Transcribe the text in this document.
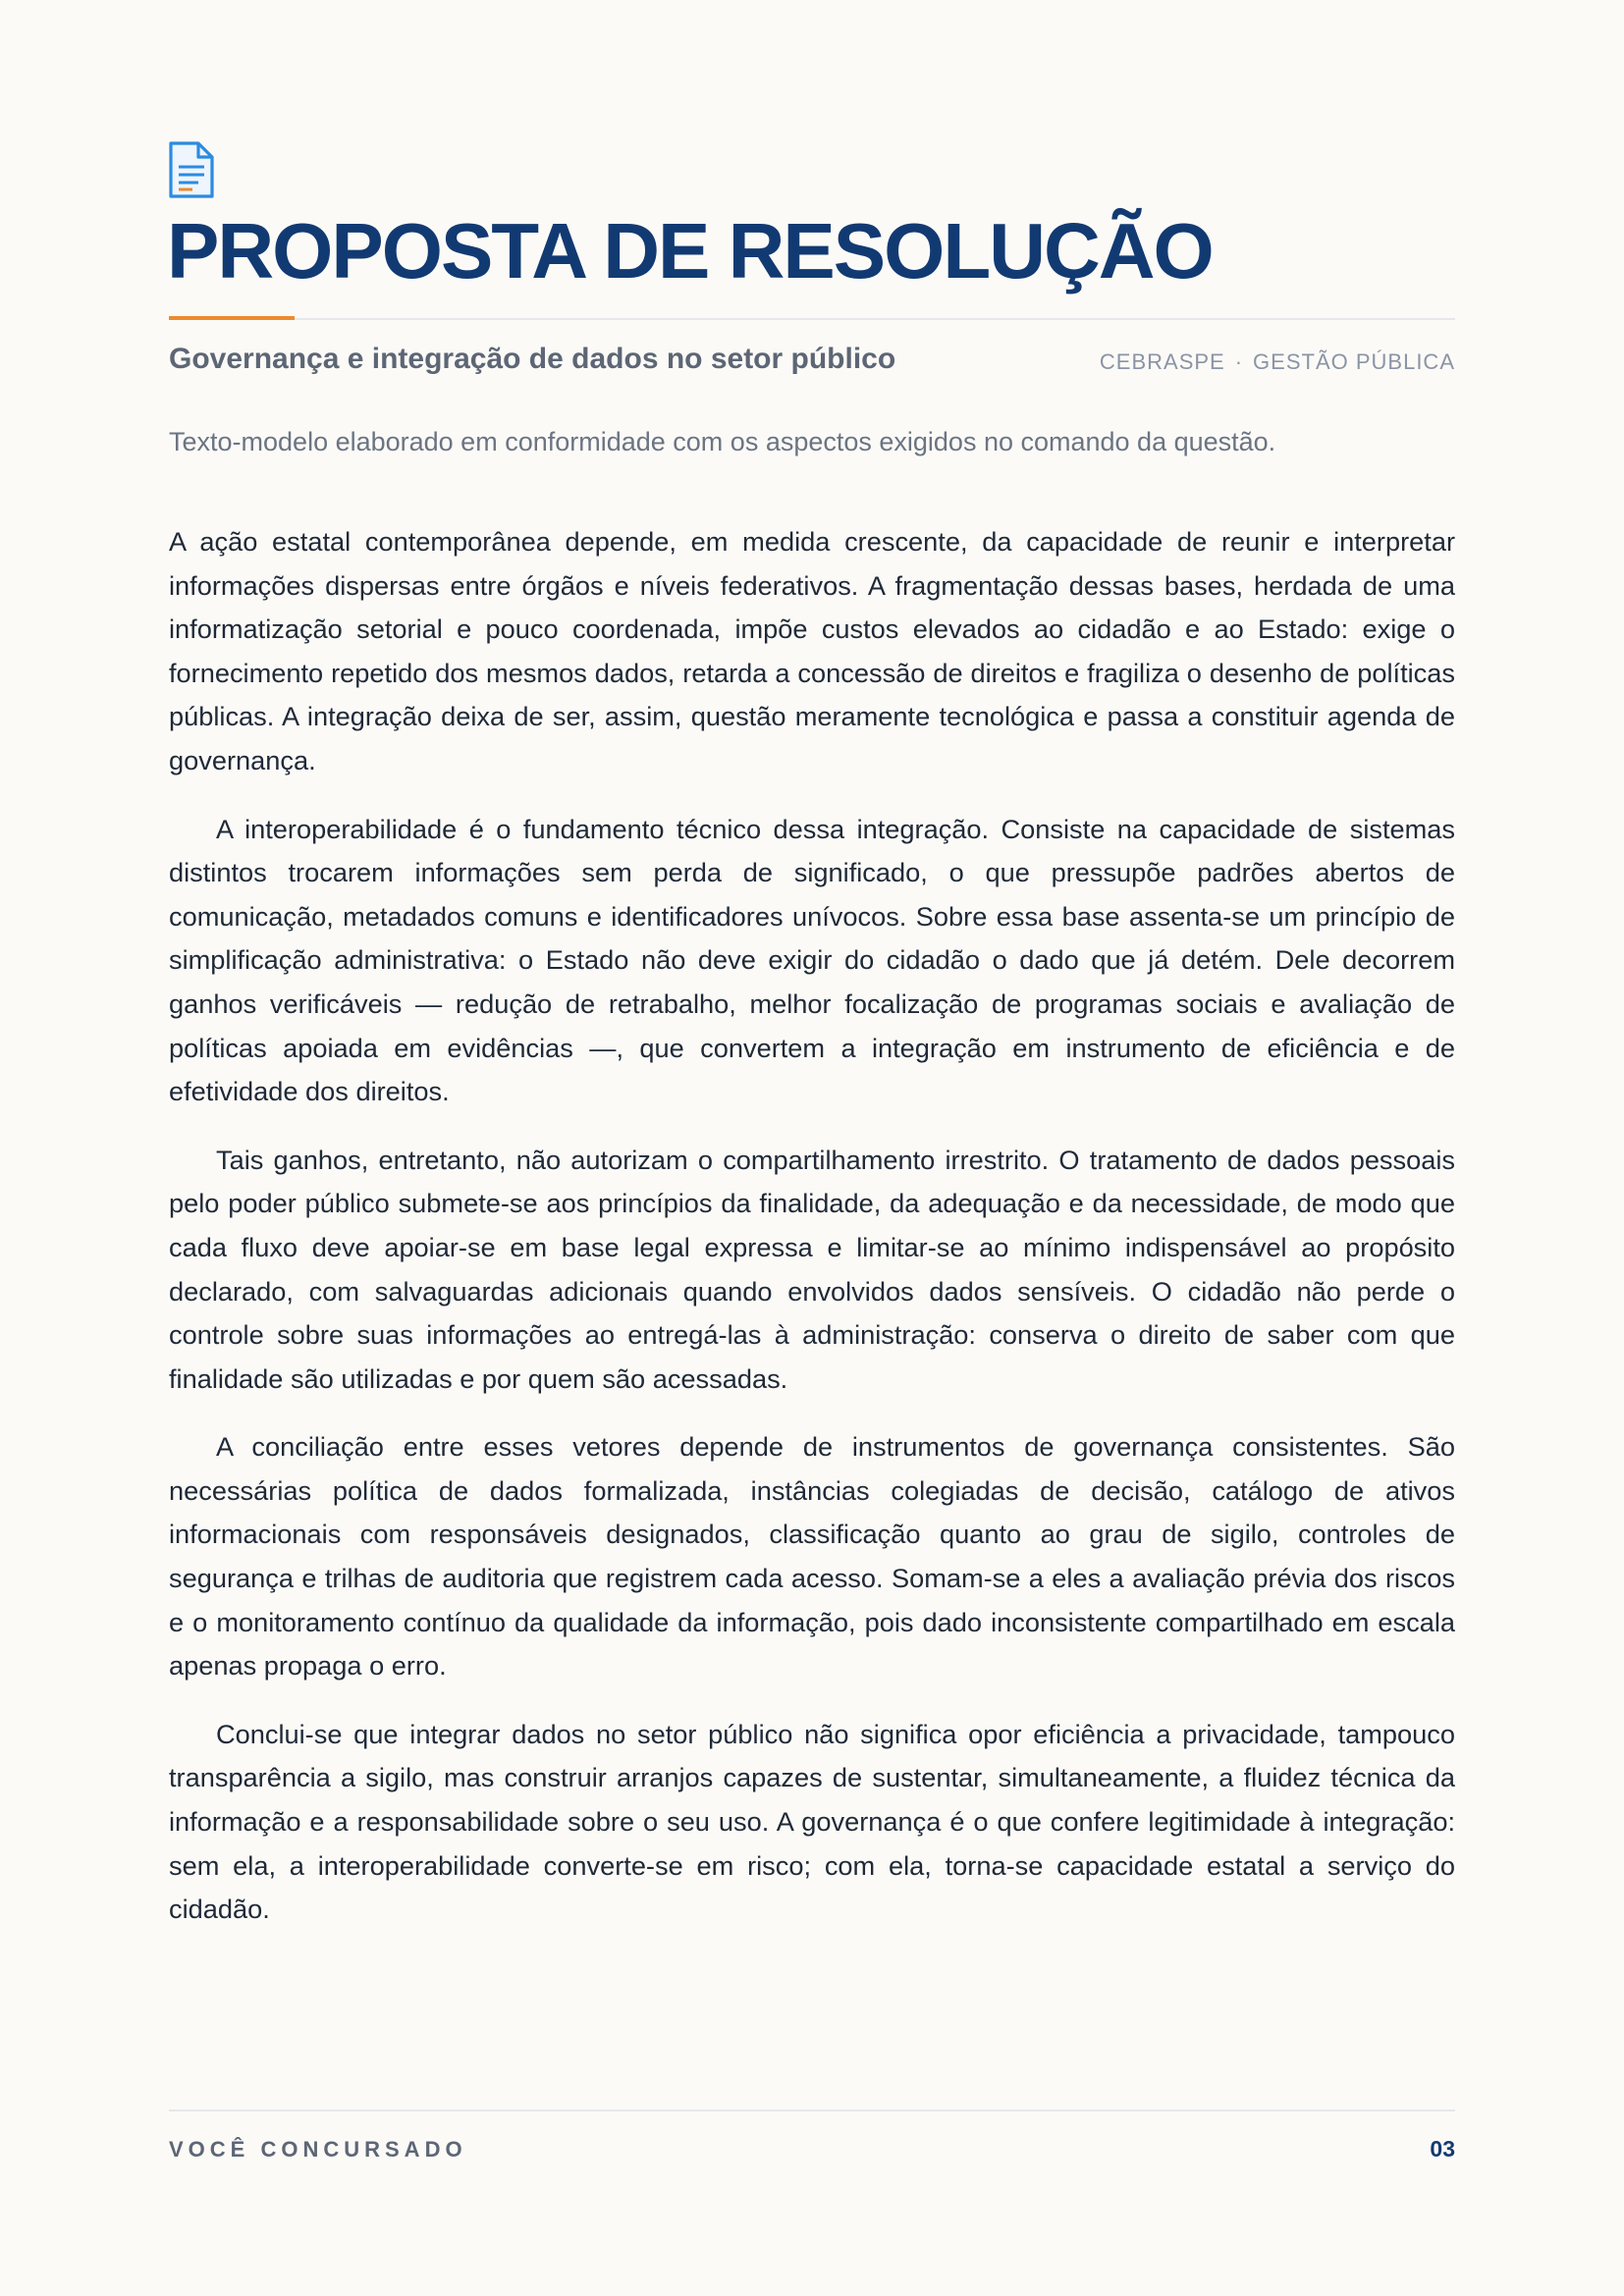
PROPOSTA DE RESOLUÇÃO
Governança e integração de dados no setor público	CEBRASPE · GESTÃO PÚBLICA
Texto-modelo elaborado em conformidade com os aspectos exigidos no comando da questão.

A ação estatal contemporânea depende, em medida crescente, da capacidade de reunir e interpretar informações dispersas entre órgãos e níveis federativos. A fragmentação dessas bases, herdada de uma informatização setorial e pouco coordenada, impõe custos elevados ao cidadão e ao Estado: exige o fornecimento repetido dos mesmos dados, retarda a concessão de direitos e fragiliza o desenho de políticas públicas. A integração deixa de ser, assim, questão meramente tecnológica e passa a constituir agenda de governança.

A interoperabilidade é o fundamento técnico dessa integração. Consiste na capacidade de sistemas distintos trocarem informações sem perda de significado, o que pressupõe padrões abertos de comunicação, metadados comuns e identificadores unívocos. Sobre essa base assenta-se um princípio de simplificação administrativa: o Estado não deve exigir do cidadão o dado que já detém. Dele decorrem ganhos verificáveis — redução de retrabalho, melhor focalização de programas sociais e avaliação de políticas apoiada em evidências —, que convertem a integração em instrumento de eficiência e de efetividade dos direitos.

Tais ganhos, entretanto, não autorizam o compartilhamento irrestrito. O tratamento de dados pessoais pelo poder público submete-se aos princípios da finalidade, da adequação e da necessidade, de modo que cada fluxo deve apoiar-se em base legal expressa e limitar-se ao mínimo indispensável ao propósito declarado, com salvaguardas adicionais quando envolvidos dados sensíveis. O cidadão não perde o controle sobre suas informações ao entregá-las à administração: conserva o direito de saber com que finalidade são utilizadas e por quem são acessadas.

A conciliação entre esses vetores depende de instrumentos de governança consistentes. São necessárias política de dados formalizada, instâncias colegiadas de decisão, catálogo de ativos informacionais com responsáveis designados, classificação quanto ao grau de sigilo, controles de segurança e trilhas de auditoria que registrem cada acesso. Somam-se a eles a avaliação prévia dos riscos e o monitoramento contínuo da qualidade da informação, pois dado inconsistente compartilhado em escala apenas propaga o erro.

Conclui-se que integrar dados no setor público não significa opor eficiência a privacidade, tampouco transparência a sigilo, mas construir arranjos capazes de sustentar, simultaneamente, a fluidez técnica da informação e a responsabilidade sobre o seu uso. A governança é o que confere legitimidade à integração: sem ela, a interoperabilidade converte-se em risco; com ela, torna-se capacidade estatal a serviço do cidadão.

VOCÊ CONCURSADO	03
